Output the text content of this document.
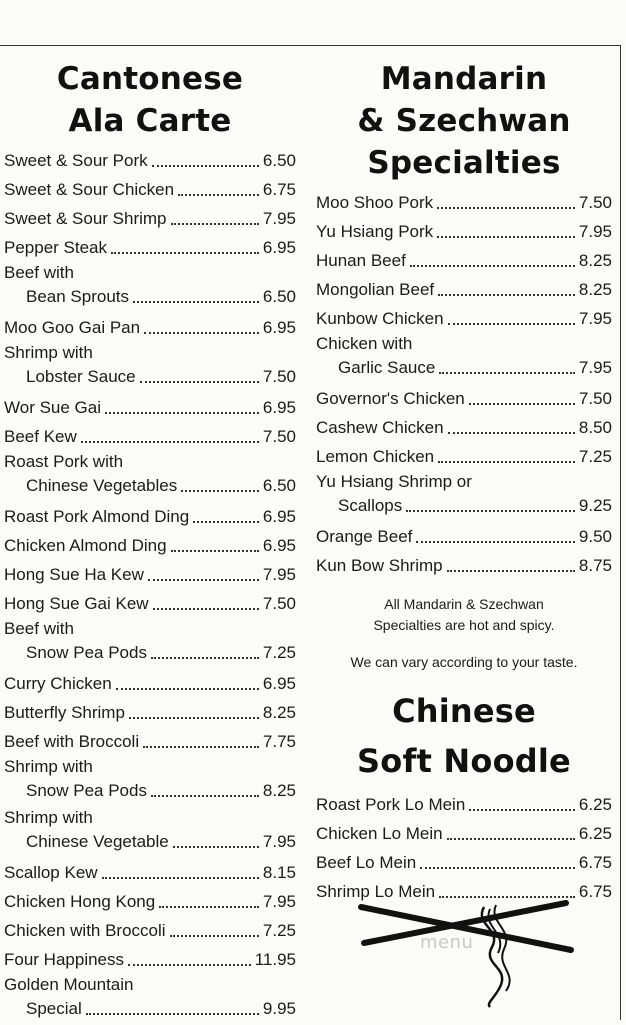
Cantonese
Ala Carte
Sweet & Sour Pork	6.50
Sweet & Sour Chicken	6.75
Sweet & Sour Shrimp	7.95
Pepper Steak	6.95
Beef with
Bean Sprouts	6.50
Moo Goo Gai Pan	6.95
Shrimp with
Lobster Sauce	7.50
Wor Sue Gai	6.95
Beef Kew	7.50
Roast Pork with
Chinese Vegetables	6.50
Roast Pork Almond Ding	6.95
Chicken Almond Ding	6.95
Hong Sue Ha Kew	7.95
Hong Sue Gai Kew	7.50
Beef with
Snow Pea Pods	7.25
Curry Chicken	6.95
Butterfly Shrimp	8.25
Beef with Broccoli	7.75
Shrimp with
Snow Pea Pods	8.25
Shrimp with
Chinese Vegetable	7.95
Scallop Kew	8.15
Chicken Hong Kong	7.95
Chicken with Broccoli	7.25
Four Happiness	11.95
Golden Mountain
Special	9.95
Mandarin
& Szechwan
Specialties
Moo Shoo Pork	7.50
Yu Hsiang Pork	7.95
Hunan Beef	8.25
Mongolian Beef	8.25
Kunbow Chicken	7.95
Chicken with
Garlic Sauce	7.95
Governor's Chicken	7.50
Cashew Chicken	8.50
Lemon Chicken	7.25
Yu Hsiang Shrimp or
Scallops	9.25
Orange Beef	9.50
Kun Bow Shrimp	8.75
All Mandarin & Szechwan
Specialties are hot and spicy.
We can vary according to your taste.
Chinese
Soft Noodle
Roast Pork Lo Mein	6.25
Chicken Lo Mein	6.25
Beef Lo Mein	6.75
Shrimp Lo Mein	6.75
menu
